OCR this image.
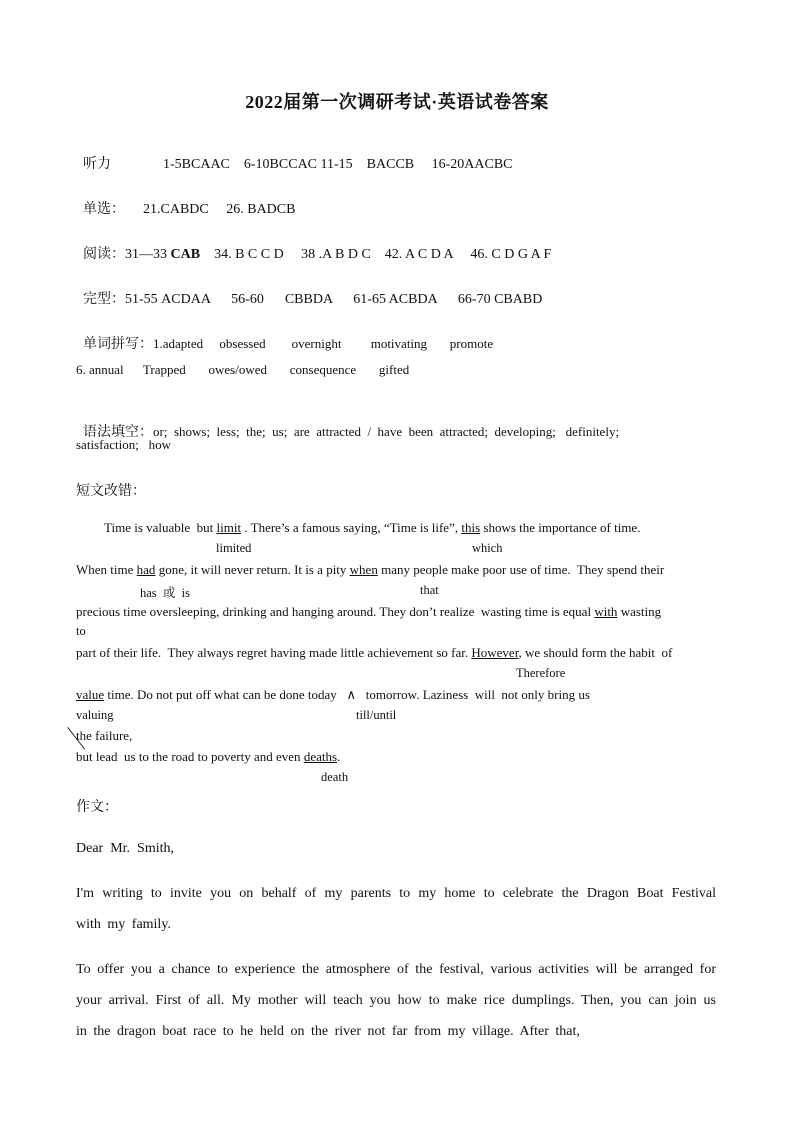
2022届第一次调研考试·英语试卷答案

听力	1-5BCAAC    6-10BCCAC 11-15    BACCB     16-20AACBC

单选： 21.CABDC     26. BADCB

阅读：31—33 CAB    34. B C C D     38 .A B D C    42. A C D A     46. C D G A F

完型：51-55 ACDAA      56-60      CBBDA      61-65 ACBDA      66-70 CBABD

单词拼写：1.adapted     obsessed        overnight         motivating       promote

6. annual      Trapped       owes/owed       consequence       gifted

语法填空：or;  shows;  less;  the;  us;  are  attracted  /  have  been  attracted;  developing;   definitely;

satisfaction;   how
短文改错：
Time is valuable  but limit . There’s a famous saying, “Time is life”, this shows the importance of time.
limited	which
When time had gone, it will never return. It is a pity when many people make poor use of time.  They spend their
has  或  is	that
precious time oversleeping, drinking and hanging around. They don’t realize  wasting time is equal with wasting
to
part of their life.  They always regret having made little achievement so far. However, we should form the habit  of
Therefore
value time. Do not put off what can be done today   ∧   tomorrow. Laziness  will  not only bring us
valuing	till/until
the failure,
but lead  us to the road to poverty and even deaths.
death
作文：
Dear  Mr.  Smith,
I'm writing to invite you on behalf of my parents to my home to celebrate the Dragon Boat Festival with my family.
To offer you a chance to experience the atmosphere of the festival, various activities will be arranged for your arrival. First of all. My mother will teach you how to make rice dumplings. Then, you can join us in the dragon boat race to he held on the river not far from my village. After that,
